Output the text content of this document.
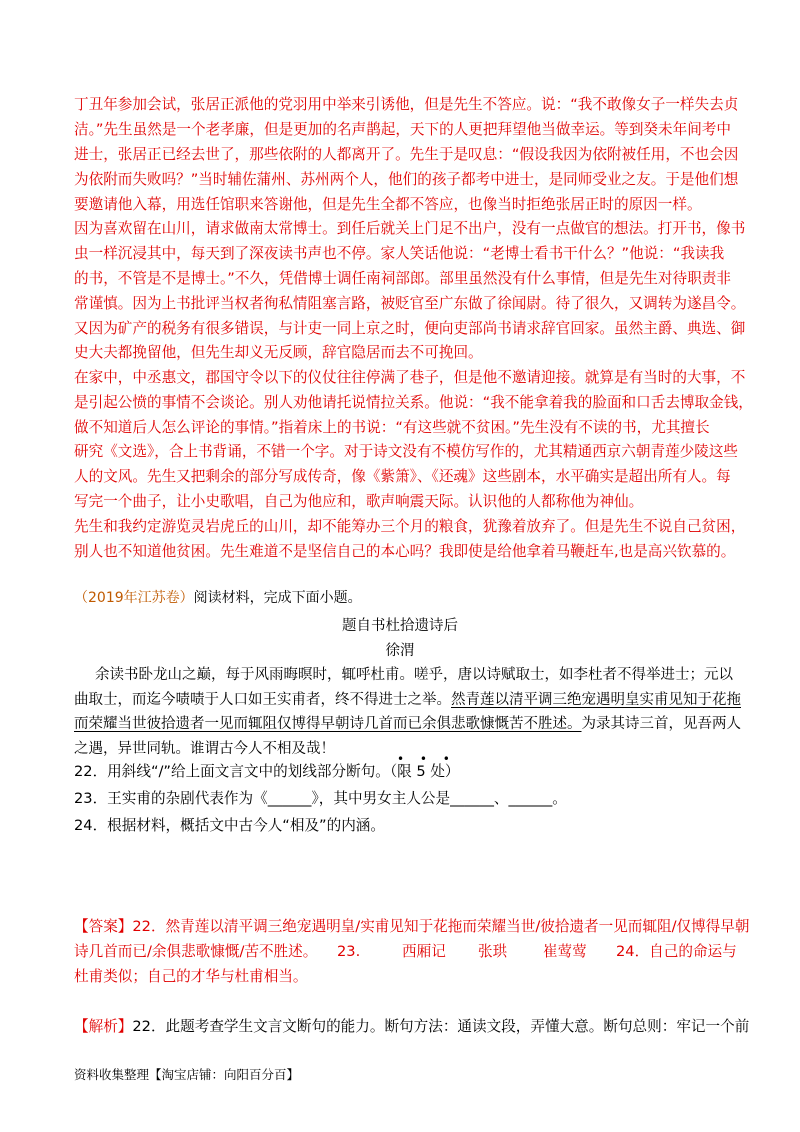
丁丑年参加会试，张居正派他的党羽用中举来引诱他，但是先生不答应。说：“我不敢像女子一样失去贞
洁。”先生虽然是一个老孝廉，但是更加的名声鹊起，天下的人更把拜望他当做幸运。等到癸未年间考中
进士，张居正已经去世了，那些依附的人都离开了。先生于是叹息：“假设我因为依附被任用，不也会因
为依附而失败吗？”当时辅佐蒲州、苏州两个人，他们的孩子都考中进士，是同师受业之友。于是他们想
要邀请他入幕，用选任馆职来答谢他，但是先生全都不答应，也像当时拒绝张居正时的原因一样。
因为喜欢留在山川，请求做南太常博士。到任后就关上门足不出户，没有一点做官的想法。打开书，像书
虫一样沉浸其中，每天到了深夜读书声也不停。家人笑话他说：“老博士看书干什么？”他说：“我读我
的书，不管是不是博士。”不久，凭借博士调任南祠部郎。部里虽然没有什么事情，但是先生对待职责非
常谨慎。因为上书批评当权者徇私情阻塞言路，被贬官至广东做了徐闻尉。待了很久，又调转为遂昌令。
又因为矿产的税务有很多错误，与计吏一同上京之时，便向吏部尚书请求辞官回家。虽然主爵、典选、御
史大夫都挽留他，但先生却义无反顾，辞官隐居而去不可挽回。
在家中，中丞惠文，郡国守令以下的仪仗往往停满了巷子，但是他不邀请迎接。就算是有当时的大事，不
是引起公愤的事情不会谈论。别人劝他请托说情拉关系。他说：“我不能拿着我的脸面和口舌去博取金钱，
做不知道后人怎么评论的事情。”指着床上的书说：“有这些就不贫困。”先生没有不读的书，尤其擅长
研究《文选》，合上书背诵，不错一个字。对于诗文没有不模仿写作的，尤其精通西京六朝青莲少陵这些
人的文风。先生又把剩余的部分写成传奇，像《紫箫》、《还魂》这些剧本，水平确实是超出所有人。每
写完一个曲子，让小史歌唱，自己为他应和，歌声响震天际。认识他的人都称他为神仙。
先生和我约定游览灵岩虎丘的山川，却不能筹办三个月的粮食，犹豫着放弃了。但是先生不说自己贫困，
别人也不知道他贫困。先生难道不是坚信自己的本心吗？我即使是给他拿着马鞭赶车,也是高兴钦慕的。
（2019年江苏卷）阅读材料，完成下面小题。
题自书杜拾遗诗后
徐渭
余读书卧龙山之巅，每于风雨晦暝时，辄呼杜甫。嗟乎，唐以诗赋取士，如李杜者不得举进士；元以
曲取士，而迄今啧啧于人口如王实甫者，终不得进士之举。然青莲以清平调三绝宠遇明皇实甫见知于花拖
而荣耀当世彼拾遗者一见而辄阻仅博得早朝诗几首而已余俱悲歌慷慨苦不胜述。为录其诗三首，见吾两人
之遇，异世同轨。谁谓古今人不相及哉！
• • •
22．用斜线“/”给上面文言文中的划线部分断句。（限 5 处）
23．王实甫的杂剧代表作为《______》，其中男女主人公是______、______。
24．根据材料，概括文中古今人“相及”的内涵。
【答案】22．然青莲以清平调三绝宠遇明皇/实甫见知于花拖而荣耀当世/彼拾遗者一见而辄阻/仅博得早朝
诗几首而已/余俱悲歌慷慨/苦不胜述。 23.	西厢记 张珙 崔莺莺 24．自己的命运与
杜甫类似；自己的才华与杜甫相当。
【解析】22．此题考查学生文言文断句的能力。断句方法：通读文段，弄懂大意。断句总则：牢记一个前
资料收集整理【淘宝店铺：向阳百分百】
